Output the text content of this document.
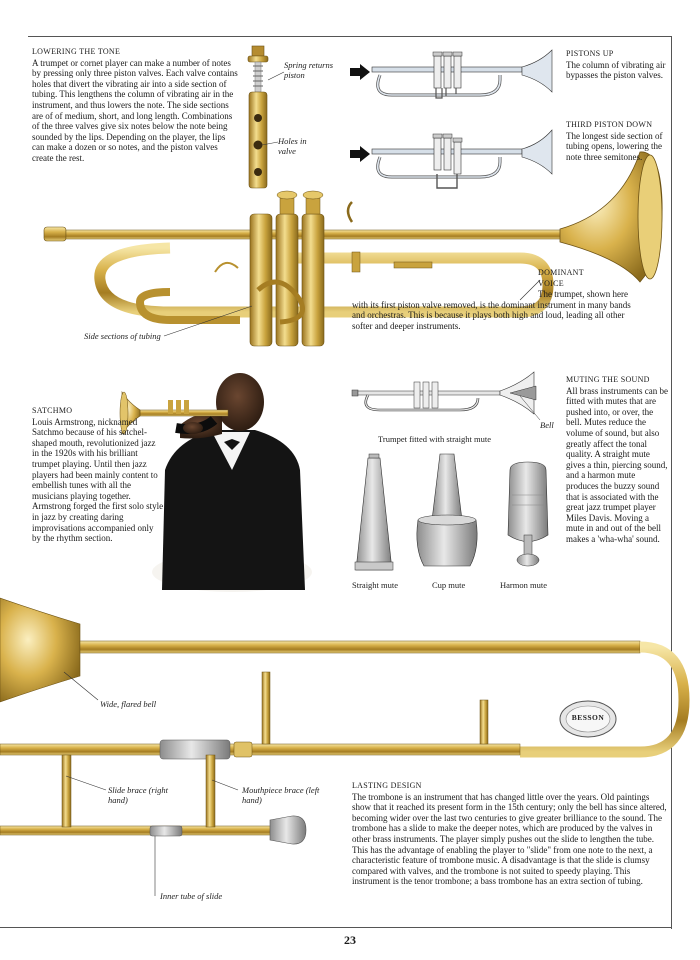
LOWERING THE TONE

A trumpet or cornet player can make a number of notes by pressing only three piston valves. Each valve contains holes that divert the vibrating air into a side section of tubing. This lengthens the column of vibrating air in the instrument, and thus lowers the note. The side sections are of of medium, short, and long length. Combinations of the three valves give six notes below the note being sounded by the lips. Depending on the player, the lips can make a dozen or so notes, and the piston valves create the rest.

Spring returns piston
Holes in valve
PISTONS UP

The column of vibrating air bypasses the piston valves.

THIRD PISTON DOWN

The longest side section of tubing opens, lowering the note three semitones.

DOMINANT VOICE

The trumpet, shown here with its first piston valve removed, is the dominant instrument in many bands and orchestras. This is because it plays both high and loud, leading all other softer and deeper instruments.

Side sections of tubing
SATCHMO

Louis Armstrong, nicknamed Satchmo because of his satchel-shaped mouth, revolutionized jazz in the 1920s with his brilliant trumpet playing. Until then jazz players had been mainly content to embellish tunes with all the musicians playing together. Armstrong forged the first solo style in jazz by creating daring improvisations accompanied only by the rhythm section.

Trumpet fitted with straight mute
Bell
Straight mute	Cup mute	Harmon mute
MUTING THE SOUND

All brass instruments can be fitted with mutes that are pushed into, or over, the bell. Mutes reduce the volume of sound, but also greatly affect the tonal quality. A straight mute gives a thin, piercing sound, and a harmon mute produces the buzzy sound that is associated with the great jazz trumpet player Miles Davis. Moving a mute in and out of the bell makes a 'wha-wha' sound.

Wide, flared bell
Slide brace (right hand)
Mouthpiece brace (left hand)
Inner tube of slide
BESSON
LASTING DESIGN

The trombone is an instrument that has changed little over the years. Old paintings show that it reached its present form in the 15th century; only the bell has since altered, becoming wider over the last two centuries to give greater brilliance to the sound. The trombone has a slide to make the deeper notes, which are produced by the valves in other brass instruments. The player simply pushes out the slide to lengthen the tube. This has the advantage of enabling the player to "slide" from one note to the next, a characteristic feature of trombone music. A disadvantage is that the slide is clumsy compared with valves, and the trombone is not suited to speedy playing. This instrument is the tenor trombone; a bass trombone has an extra section of tubing.

23
